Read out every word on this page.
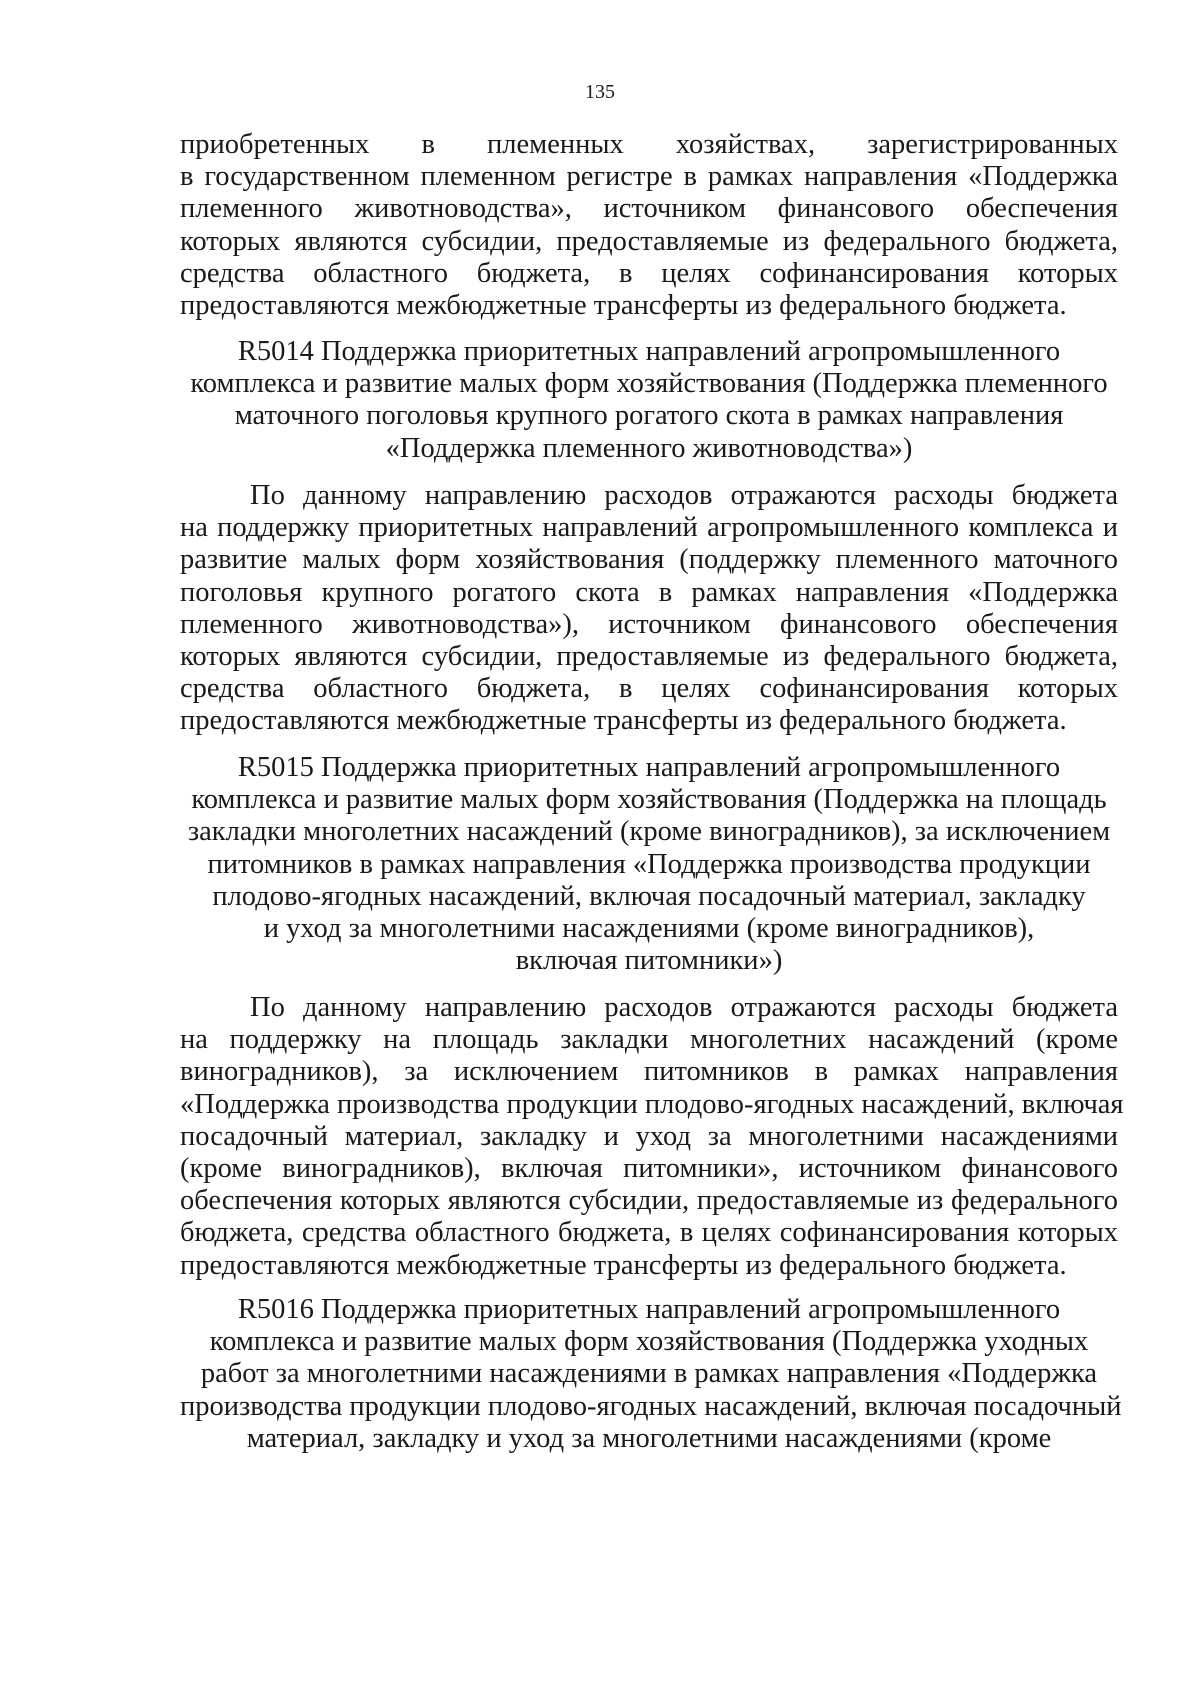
135
приобретенных в племенных хозяйствах, зарегистрированных
в государственном племенном регистре в рамках направления «Поддержка
племенного животноводства», источником финансового обеспечения
которых являются субсидии, предоставляемые из федерального бюджета,
средства областного бюджета, в целях софинансирования которых
предоставляются межбюджетные трансферты из федерального бюджета.
R5014 Поддержка приоритетных направлений агропромышленного
комплекса и развитие малых форм хозяйствования (Поддержка племенного
маточного поголовья крупного рогатого скота в рамках направления
«Поддержка племенного животноводства»)
По данному направлению расходов отражаются расходы бюджета
на поддержку приоритетных направлений агропромышленного комплекса и
развитие малых форм хозяйствования (поддержку племенного маточного
поголовья крупного рогатого скота в рамках направления «Поддержка
племенного животноводства»), источником финансового обеспечения
которых являются субсидии, предоставляемые из федерального бюджета,
средства областного бюджета, в целях софинансирования которых
предоставляются межбюджетные трансферты из федерального бюджета.
R5015 Поддержка приоритетных направлений агропромышленного
комплекса и развитие малых форм хозяйствования (Поддержка на площадь
закладки многолетних насаждений (кроме виноградников), за исключением
питомников в рамках направления «Поддержка производства продукции
плодово-ягодных насаждений, включая посадочный материал, закладку
и уход за многолетними насаждениями (кроме виноградников),
включая питомники»)
По данному направлению расходов отражаются расходы бюджета
на поддержку на площадь закладки многолетних насаждений (кроме
виноградников), за исключением питомников в рамках направления
«Поддержка производства продукции плодово-ягодных насаждений, включая
посадочный материал, закладку и уход за многолетними насаждениями
(кроме виноградников), включая питомники», источником финансового
обеспечения которых являются субсидии, предоставляемые из федерального
бюджета, средства областного бюджета, в целях софинансирования которых
предоставляются межбюджетные трансферты из федерального бюджета.
R5016 Поддержка приоритетных направлений агропромышленного
комплекса и развитие малых форм хозяйствования (Поддержка уходных
работ за многолетними насаждениями в рамках направления «Поддержка
производства продукции плодово-ягодных насаждений, включая посадочный
материал, закладку и уход за многолетними насаждениями (кроме
